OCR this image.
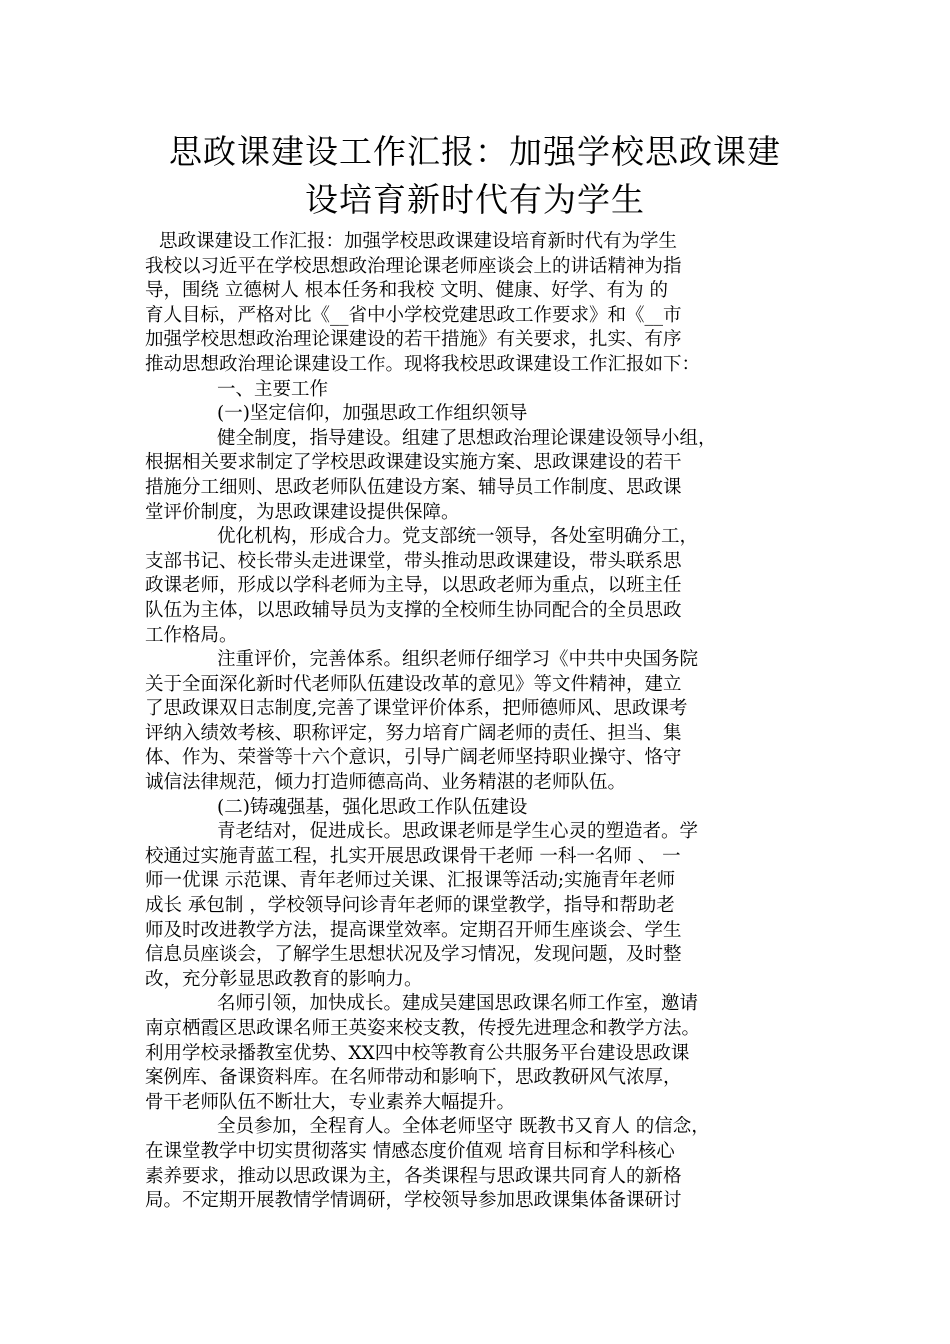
思政课建设工作汇报：加强学校思政课建
设培育新时代有为学生
思政课建设工作汇报：加强学校思政课建设培育新时代有为学生
我校以习近平在学校思想政治理论课老师座谈会上的讲话精神为指
导，围绕 立德树人 根本任务和我校 文明、健康、好学、有为 的
育人目标，严格对比《__省中小学校党建思政工作要求》和《__市
加强学校思想政治理论课建设的若干措施》有关要求，扎实、有序
推动思想政治理论课建设工作。现将我校思政课建设工作汇报如下：
一、主要工作
(一)坚定信仰，加强思政工作组织领导
健全制度，指导建设。组建了思想政治理论课建设领导小组，
根据相关要求制定了学校思政课建设实施方案、思政课建设的若干
措施分工细则、思政老师队伍建设方案、辅导员工作制度、思政课
堂评价制度，为思政课建设提供保障。
优化机构，形成合力。党支部统一领导，各处室明确分工，
支部书记、校长带头走进课堂，带头推动思政课建设，带头联系思
政课老师，形成以学科老师为主导，以思政老师为重点，以班主任
队伍为主体，以思政辅导员为支撑的全校师生协同配合的全员思政
工作格局。
注重评价，完善体系。组织老师仔细学习《中共中央国务院
关于全面深化新时代老师队伍建设改革的意见》等文件精神，建立
了思政课双日志制度,完善了课堂评价体系，把师德师风、思政课考
评纳入绩效考核、职称评定，努力培育广阔老师的责任、担当、集
体、作为、荣誉等十六个意识，引导广阔老师坚持职业操守、恪守
诚信法律规范，倾力打造师德高尚、业务精湛的老师队伍。
(二)铸魂强基，强化思政工作队伍建设
青老结对，促进成长。思政课老师是学生心灵的塑造者。学
校通过实施青蓝工程，扎实开展思政课骨干老师 一科一名师 、 一
师一优课 示范课、青年老师过关课、汇报课等活动;实施青年老师
成长 承包制 ，学校领导问诊青年老师的课堂教学，指导和帮助老
师及时改进教学方法，提高课堂效率。定期召开师生座谈会、学生
信息员座谈会，了解学生思想状况及学习情况，发现问题，及时整
改，充分彰显思政教育的影响力。
名师引领，加快成长。建成吴建国思政课名师工作室，邀请
南京栖霞区思政课名师王英姿来校支教，传授先进理念和教学方法。
利用学校录播教室优势、XX四中校等教育公共服务平台建设思政课
案例库、备课资料库。在名师带动和影响下，思政教研风气浓厚，
骨干老师队伍不断壮大，专业素养大幅提升。
全员参加，全程育人。全体老师坚守 既教书又育人 的信念，
在课堂教学中切实贯彻落实 情感态度价值观 培育目标和学科核心
素养要求，推动以思政课为主，各类课程与思政课共同育人的新格
局。不定期开展教情学情调研，学校领导参加思政课集体备课研讨
